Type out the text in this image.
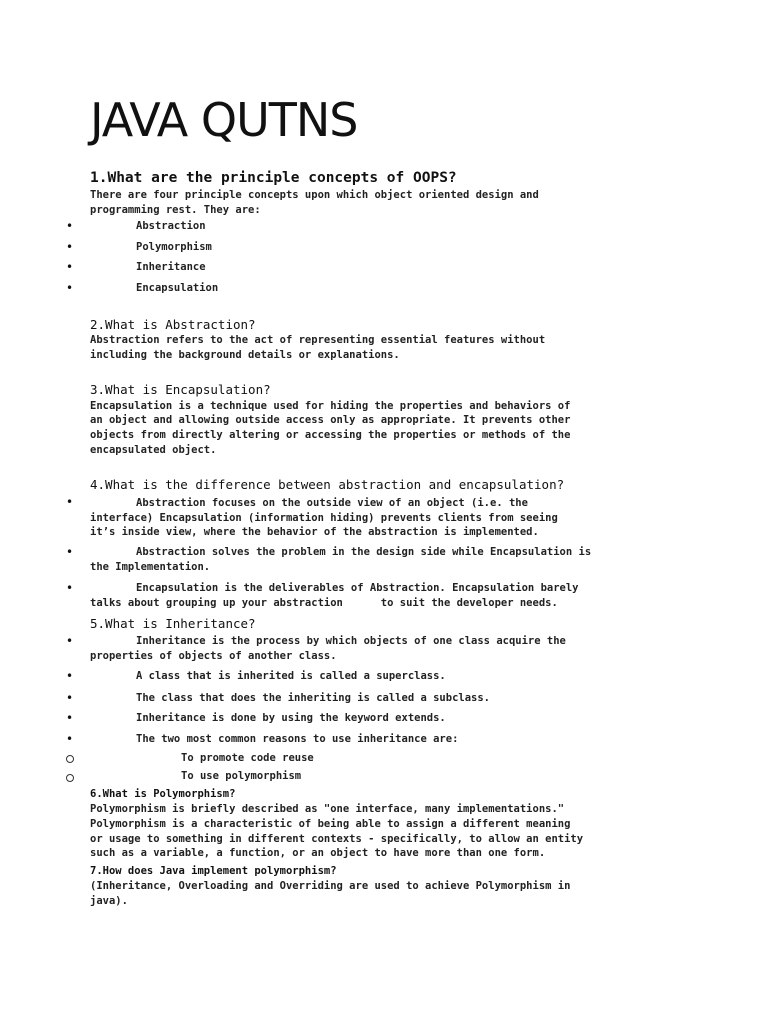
JAVA QUTNS
1.What are the principle concepts of OOPS?

There are four principle concepts upon which object oriented design and

programming rest. They are:

•	Abstraction

•	Polymorphism

•	Inheritance

•	Encapsulation

2.What is Abstraction?

Abstraction refers to the act of representing essential features without

including the background details or explanations.

3.What is Encapsulation?

Encapsulation is a technique used for hiding the properties and behaviors of

an object and allowing outside access only as appropriate. It prevents other

objects from directly altering or accessing the properties or methods of the

encapsulated object.

4.What is the difference between abstraction and encapsulation?
•	Abstraction focuses on the outside view of an object (i.e. the

interface) Encapsulation (information hiding) prevents clients from seeing

it’s inside view, where the behavior of the abstraction is implemented.

•	Abstraction solves the problem in the design side while Encapsulation is

the Implementation.

•	Encapsulation is the deliverables of Abstraction. Encapsulation barely

talks about grouping up your abstraction      to suit the developer needs.

5.What is Inheritance?
•	Inheritance is the process by which objects of one class acquire the

properties of objects of another class.

•	A class that is inherited is called a superclass.

•	The class that does the inheriting is called a subclass.

•	Inheritance is done by using the keyword extends.

•	The two most common reasons to use inheritance are:

To promote code reuse

To use polymorphism

6.What is Polymorphism?

Polymorphism is briefly described as "one interface, many implementations."

Polymorphism is a characteristic of being able to assign a different meaning

or usage to something in different contexts - specifically, to allow an entity

such as a variable, a function, or an object to have more than one form.

7.How does Java implement polymorphism?

(Inheritance, Overloading and Overriding are used to achieve Polymorphism in

java).
